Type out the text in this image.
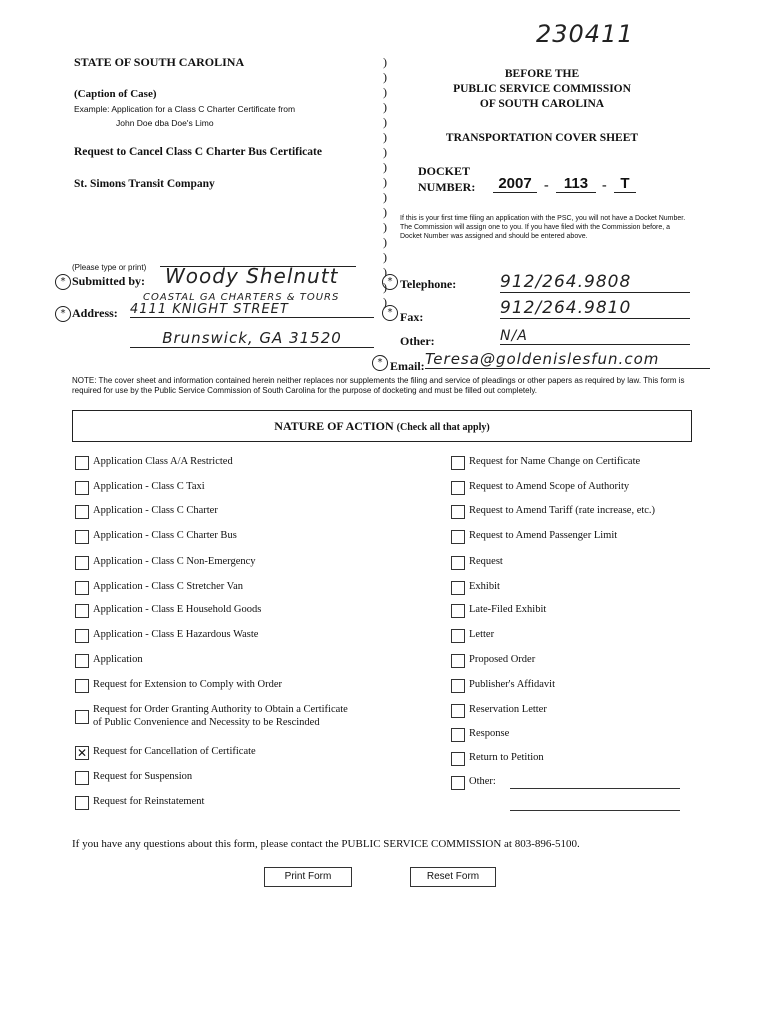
230411
STATE OF SOUTH CAROLINA
(Caption of Case)
Example: Application for a Class C Charter Certificate from
John Doe dba Doe's Limo
Request to Cancel Class C Charter Bus Certificate
St. Simons Transit Company
)
)
)
)
)
)
)
)
)
)
)
)
)
)
)
)
)
BEFORE THE
PUBLIC SERVICE COMMISSION
OF SOUTH CAROLINA
TRANSPORTATION COVER SHEET
DOCKET
NUMBER:	2007 -	113 - T
If this is your first time filing an application with the PSC, you will not have a Docket Number. The Commission will assign one to you. If you have filed with the Commission before, a Docket Number was assigned and should be entered above.
(Please type or print)
* Submitted by: Woody Shelnutt
COASTAL GA CHARTERS & TOURS
* Address: 4111 KNIGHT STREET
Brunswick, GA 31520
* Telephone:	912/264.9808
* Fax:	912/264.9810
Other:	N/A
* Email: Teresa@goldenislesfun.com
NOTE: The cover sheet and information contained herein neither replaces nor supplements the filing and service of pleadings or other papers as required by law. This form is required for use by the Public Service Commission of South Carolina for the purpose of docketing and must be filled out completely.
NATURE OF ACTION (Check all that apply)
Application Class A/A Restricted
Application - Class C Taxi
Application - Class C Charter
Application - Class C Charter Bus
Application - Class C Non-Emergency
Application - Class C Stretcher Van
Application - Class E Household Goods
Application - Class E Hazardous Waste
Application
Request for Extension to Comply with Order
Request for Order Granting Authority to Obtain a Certificate
of Public Convenience and Necessity to be Rescinded
✕ Request for Cancellation of Certificate
Request for Suspension
Request for Reinstatement
Request for Name Change on Certificate
Request to Amend Scope of Authority
Request to Amend Tariff (rate increase, etc.)
Request to Amend Passenger Limit
Request
Exhibit
Late-Filed Exhibit
Letter
Proposed Order
Publisher's Affidavit
Reservation Letter
Response
Return to Petition
Other:
If you have any questions about this form, please contact the PUBLIC SERVICE COMMISSION at 803-896-5100.
Print Form	Reset Form
